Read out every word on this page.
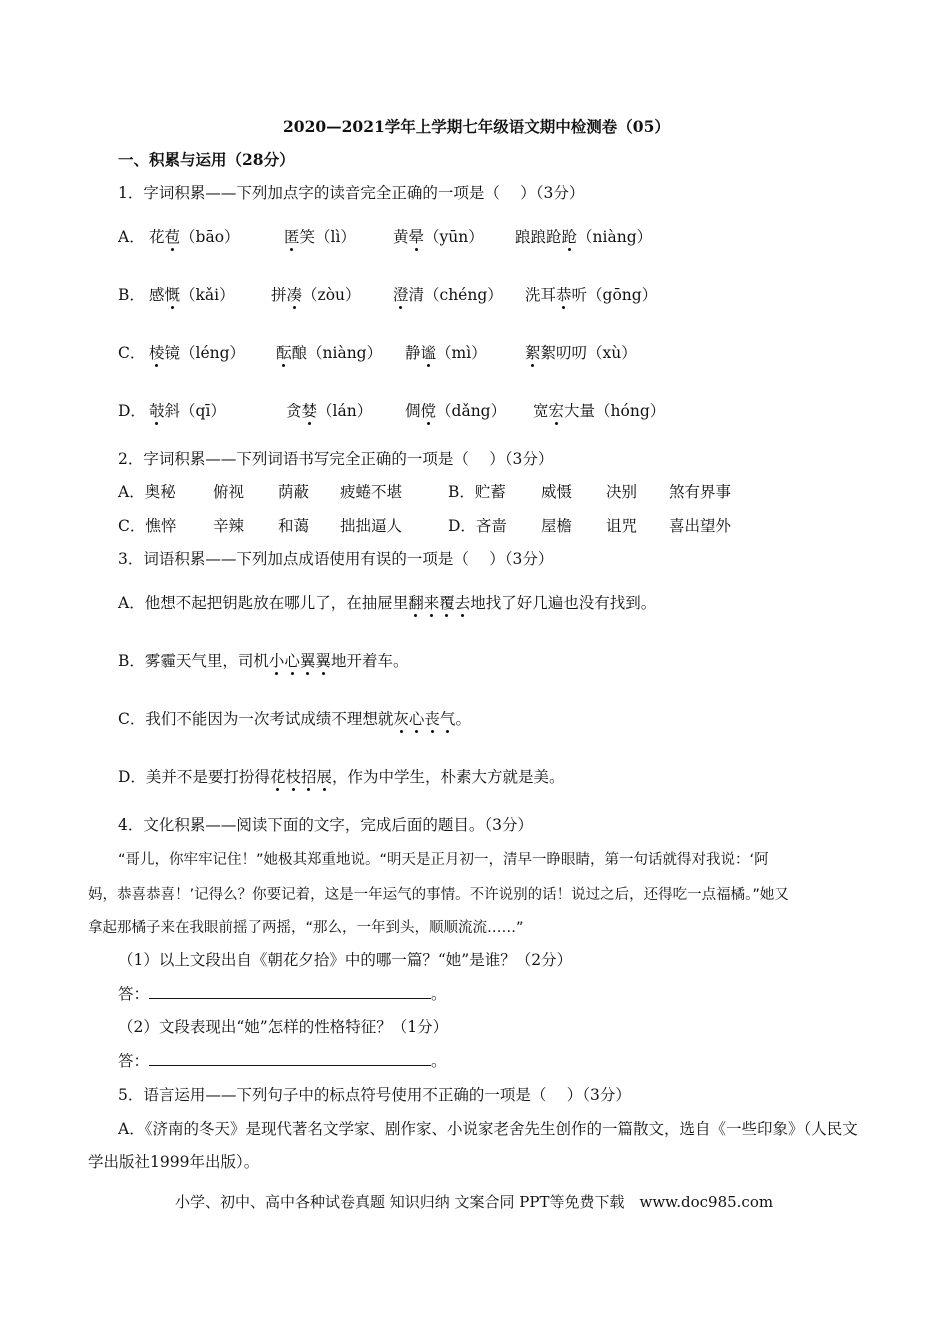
2020—2021学年上学期七年级语文期中检测卷（05）
一、积累与运用（28分）
1．字词积累——下列加点字的读音完全正确的一项是（　 ）（3分）
A． 花苞（bāo）	匿笑（lì） 黄晕（yūn） 踉踉跄跄（niàng）
B． 感慨（kǎi） 拼凑（zòu） 澄清（chéng） 洗耳恭听（gōng）
C． 棱镜（léng） 酝酿（niàng） 静谧（mì） 絮絮叨叨（xù）
D． 攲斜（qī）	贪婪（lán） 倜傥（dǎng） 宽宏大量（hóng）
2．字词积累——下列词语书写完全正确的一项是（　 ）（3分）
A．奥秘 俯视 荫蔽 疲蜷不堪	B．贮蓄 威慑 决别 煞有界事
C．憔悴 辛辣 和蔼 拙拙逼人	D．吝啬 屋檐 诅咒 喜出望外
3．词语积累——下列加点成语使用有误的一项是（　 ）（3分）
A．他想不起把钥匙放在哪儿了，在抽屉里翻来覆去地找了好几遍也没有找到。
B．雾霾天气里，司机小心翼翼地开着车。
C．我们不能因为一次考试成绩不理想就灰心丧气。
D．美并不是要打扮得花枝招展，作为中学生，朴素大方就是美。
4．文化积累——阅读下面的文字，完成后面的题目。（3分）
“哥儿，你牢牢记住！”她极其郑重地说。“明天是正月初一，清早一睁眼睛，第一句话就得对我说：‘阿
妈，恭喜恭喜！’记得么？你要记着，这是一年运气的事情。不许说别的话！说过之后，还得吃一点福橘。”她又
拿起那橘子来在我眼前摇了两摇，“那么，一年到头，顺顺流流……”
（1）以上文段出自《朝花夕拾》中的哪一篇？“她”是谁？（2分）
答：	。
（2）文段表现出“她”怎样的性格特征？（1分）
答：	。
5．语言运用——下列句子中的标点符号使用不正确的一项是（　 ）（3分）
A．《济南的冬天》是现代著名文学家、剧作家、小说家老舍先生创作的一篇散文，选自《一些印象》（人民文
学出版社1999年出版）。
小学、初中、高中各种试卷真题 知识归纳 文案合同 PPT等免费下载　www.doc985.com
